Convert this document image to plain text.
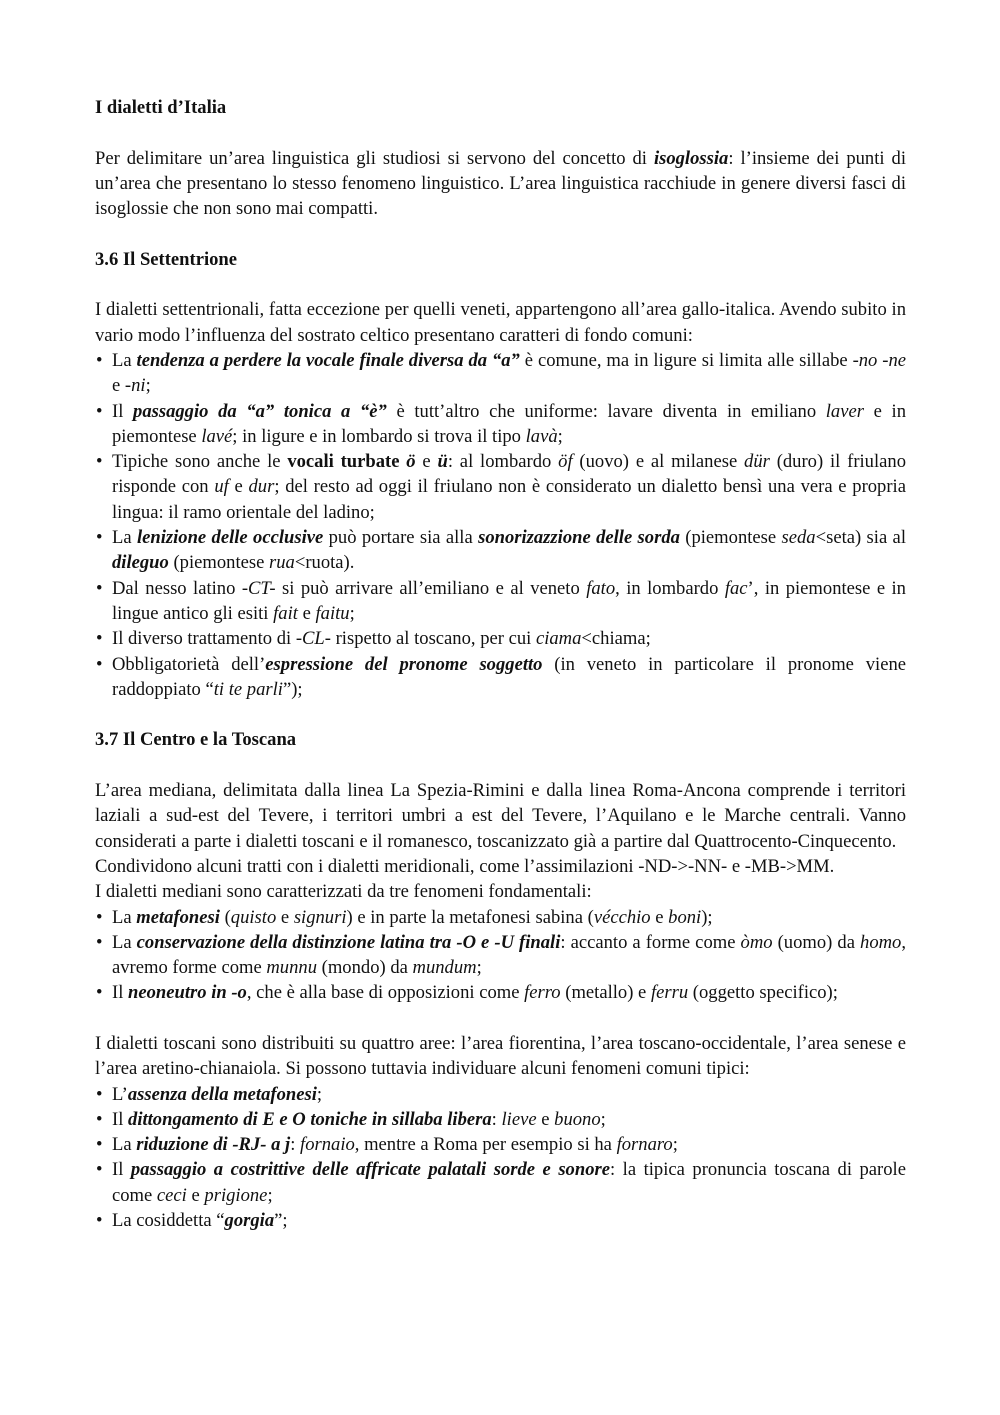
I dialetti d’Italia

Per delimitare un’area linguistica gli studiosi si servono del concetto di isoglossia: l’insieme dei punti di un’area che presentano lo stesso fenomeno linguistico. L’area linguistica racchiude in genere diversi fasci di isoglossie che non sono mai compatti.

3.6 Il Settentrione

I dialetti settentrionali, fatta eccezione per quelli veneti, appartengono all’area gallo-italica. Avendo subito in vario modo l’influenza del sostrato celtico presentano caratteri di fondo comuni:

• La tendenza a perdere la vocale finale diversa da “a” è comune, ma in ligure si limita alle sillabe -no -ne e -ni;
• Il passaggio da “a” tonica a “è” è tutt’altro che uniforme: lavare diventa in emiliano laver e in piemontese lavé; in ligure e in lombardo si trova il tipo lavà;
• Tipiche sono anche le vocali turbate ö e ü: al lombardo öf (uovo) e al milanese dür (duro) il friulano risponde con uf e dur; del resto ad oggi il friulano non è considerato un dialetto bensì una vera e propria lingua: il ramo orientale del ladino;
• La lenizione delle occlusive può portare sia alla sonorizazzione delle sorda (piemontese seda<seta) sia al dileguo (piemontese rua<ruota).
• Dal nesso latino -CT- si può arrivare all’emiliano e al veneto fato, in lombardo fac’, in piemontese e in lingue antico gli esiti fait e faitu;
• Il diverso trattamento di -CL- rispetto al toscano, per cui ciama<chiama;
• Obbligatorietà dell’espressione del pronome soggetto (in veneto in particolare il pronome viene raddoppiato “ti te parli”);
3.7 Il Centro e la Toscana

L’area mediana, delimitata dalla linea La Spezia-Rimini e dalla linea Roma-Ancona comprende i territori laziali a sud-est del Tevere, i territori umbri a est del Tevere, l’Aquilano e le Marche centrali. Vanno considerati a parte i dialetti toscani e il romanesco, toscanizzato già a partire dal Quattrocento-Cinquecento.

Condividono alcuni tratti con i dialetti meridionali, come l’assimilazioni -ND->-NN- e -MB->MM.

I dialetti mediani sono caratterizzati da tre fenomeni fondamentali:

• La metafonesi (quisto e signuri) e in parte la metafonesi sabina (vécchio e boni);
• La conservazione della distinzione latina tra -O e -U finali: accanto a forme come òmo (uomo) da homo, avremo forme come munnu (mondo) da mundum;
• Il neoneutro in -o, che è alla base di opposizioni come ferro (metallo) e ferru (oggetto specifico);

I dialetti toscani sono distribuiti su quattro aree: l’area fiorentina, l’area toscano-occidentale, l’area senese e l’area aretino-chianaiola. Si possono tuttavia individuare alcuni fenomeni comuni tipici:

• L’assenza della metafonesi;
• Il dittongamento di E e O toniche in sillaba libera: lieve e buono;
• La riduzione di -RJ- a j: fornaio, mentre a Roma per esempio si ha fornaro;
• Il passaggio a costrittive delle affricate palatali sorde e sonore: la tipica pronuncia toscana di parole come ceci e prigione;
• La cosiddetta “gorgia”;
